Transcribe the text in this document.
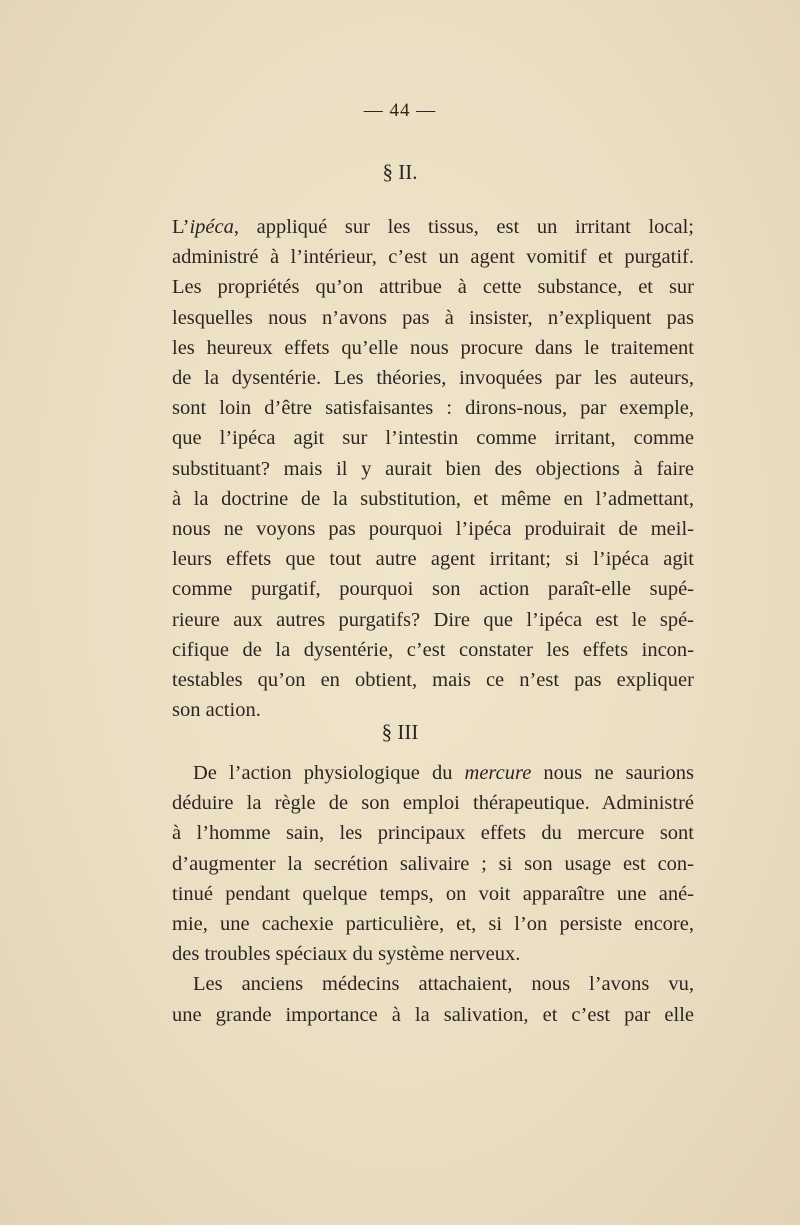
— 44 —
§ II.
L’ipéca, appliqué sur les tissus, est un irritant local;
administré à l’intérieur, c’est un agent vomitif et purgatif.
Les propriétés qu’on attribue à cette substance, et sur
lesquelles nous n’avons pas à insister, n’expliquent pas
les heureux effets qu’elle nous procure dans le traitement
de la dysentérie. Les théories, invoquées par les auteurs,
sont loin d’être satisfaisantes : dirons-nous, par exemple,
que l’ipéca agit sur l’intestin comme irritant, comme
substituant? mais il y aurait bien des objections à faire
à la doctrine de la substitution, et même en l’admettant,
nous ne voyons pas pourquoi l’ipéca produirait de meil-
leurs effets que tout autre agent irritant; si l’ipéca agit
comme purgatif, pourquoi son action paraît-elle supé-
rieure aux autres purgatifs? Dire que l’ipéca est le spé-
cifique de la dysentérie, c’est constater les effets incon-
testables qu’on en obtient, mais ce n’est pas expliquer
son action.
§ III
De l’action physiologique du mercure nous ne saurions
déduire la règle de son emploi thérapeutique. Administré
à l’homme sain, les principaux effets du mercure sont
d’augmenter la secrétion salivaire ; si son usage est con-
tinué pendant quelque temps, on voit apparaître une ané-
mie, une cachexie particulière, et, si l’on persiste encore,
des troubles spéciaux du système nerveux.
Les anciens médecins attachaient, nous l’avons vu,
une grande importance à la salivation, et c’est par elle
